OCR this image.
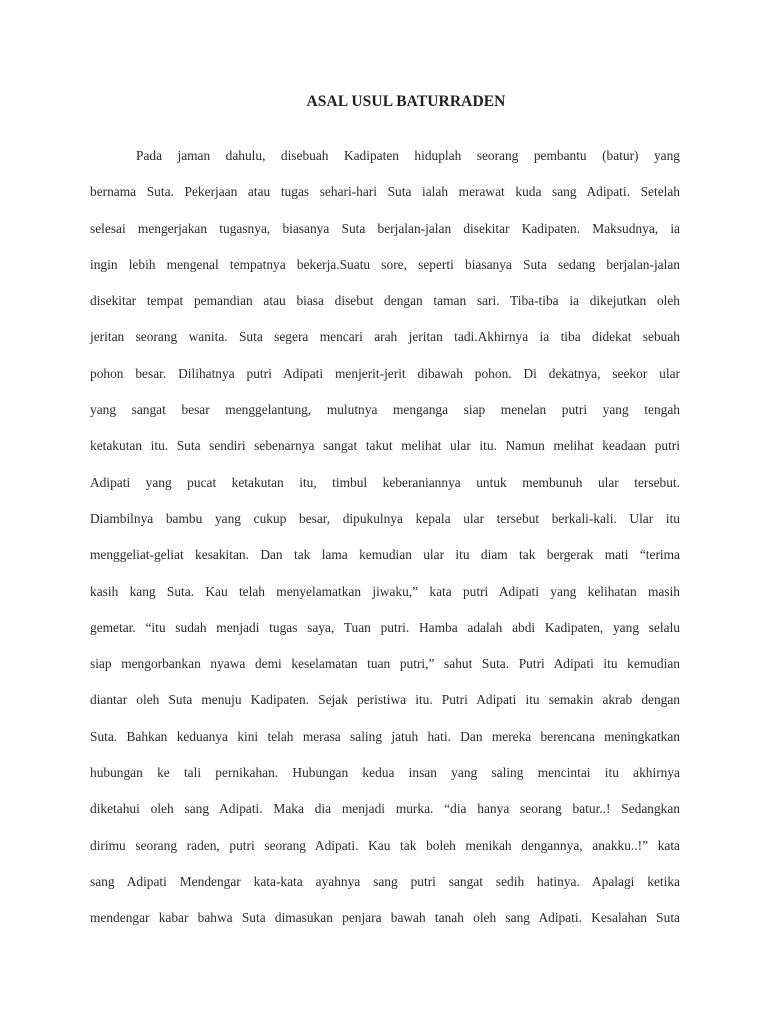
ASAL USUL BATURRADEN
Pada jaman dahulu, disebuah Kadipaten hiduplah seorang pembantu (batur) yang
bernama Suta. Pekerjaan atau tugas sehari-hari Suta ialah merawat kuda sang Adipati. Setelah
selesai mengerjakan tugasnya, biasanya Suta berjalan-jalan disekitar Kadipaten. Maksudnya, ia
ingin lebih mengenal tempatnya bekerja.Suatu sore, seperti biasanya Suta sedang berjalan-jalan
disekitar tempat pemandian atau biasa disebut dengan taman sari. Tiba-tiba ia dikejutkan oleh
jeritan seorang wanita. Suta segera mencari arah jeritan tadi.Akhirnya ia tiba didekat sebuah
pohon besar. Dilihatnya putri Adipati menjerit-jerit dibawah pohon. Di dekatnya, seekor ular
yang sangat besar menggelantung, mulutnya menganga siap menelan putri yang tengah
ketakutan itu. Suta sendiri sebenarnya sangat takut melihat ular itu. Namun melihat keadaan putri
Adipati yang pucat ketakutan itu, timbul keberaniannya untuk membunuh ular tersebut.
Diambilnya bambu yang cukup besar, dipukulnya kepala ular tersebut berkali-kali. Ular itu
menggeliat-geliat kesakitan. Dan tak lama kemudian ular itu diam tak bergerak mati “terima
kasih kang Suta. Kau telah menyelamatkan jiwaku,” kata putri Adipati yang kelihatan masih
gemetar. “itu sudah menjadi tugas saya, Tuan putri. Hamba adalah abdi Kadipaten, yang selalu
siap mengorbankan nyawa demi keselamatan tuan putri,” sahut Suta. Putri Adipati itu kemudian
diantar oleh Suta menuju Kadipaten. Sejak peristiwa itu. Putri Adipati itu semakin akrab dengan
Suta. Bahkan keduanya kini telah merasa saling jatuh hati. Dan mereka berencana meningkatkan
hubungan ke tali pernikahan. Hubungan kedua insan yang saling mencintai itu akhirnya
diketahui oleh sang Adipati. Maka dia menjadi murka. “dia hanya seorang batur..! Sedangkan
dirimu seorang raden, putri seorang Adipati. Kau tak boleh menikah dengannya, anakku..!” kata
sang Adipati Mendengar kata-kata ayahnya sang putri sangat sedih hatinya. Apalagi ketika
mendengar kabar bahwa Suta dimasukan penjara bawah tanah oleh sang Adipati. Kesalahan Suta
